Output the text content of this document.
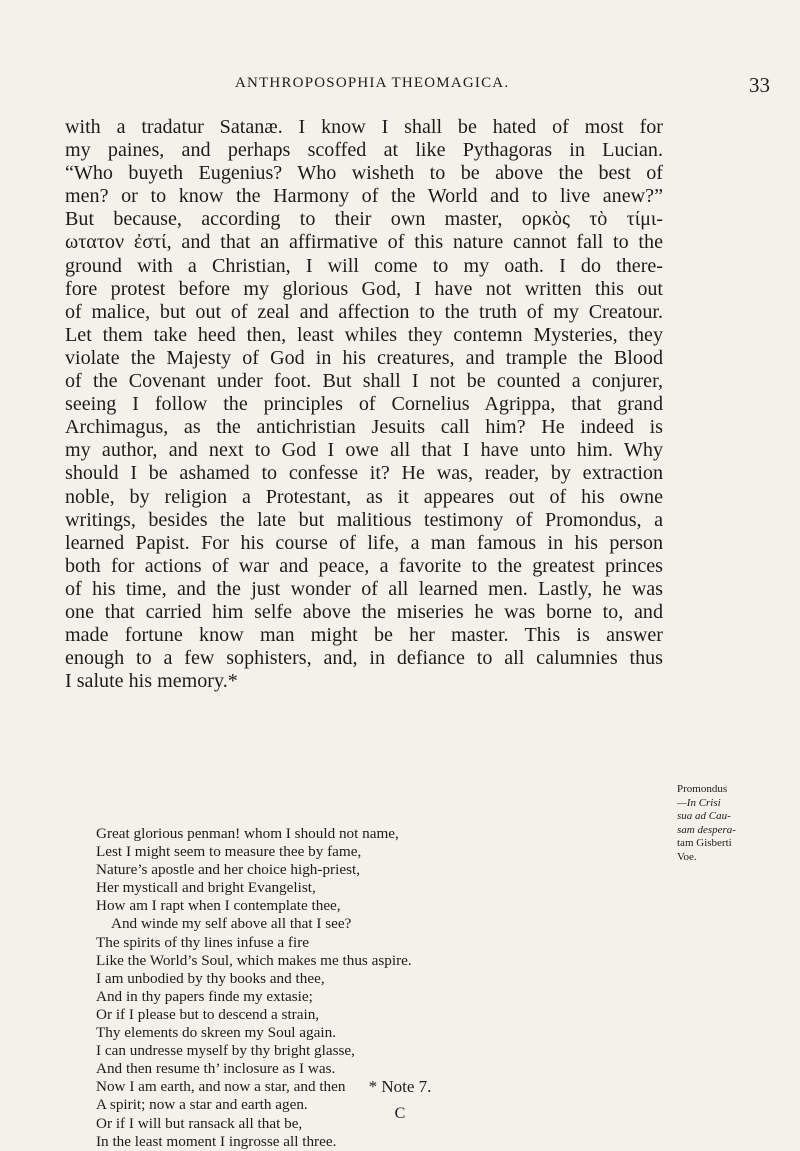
ANTHROPOSOPHIA THEOMAGICA.	33
with a tradatur Satanæ. I know I shall be hated of most for
my paines, and perhaps scoffed at like Pythagoras in Lucian.
“Who buyeth Eugenius? Who wisheth to be above the best of
men? or to know the Harmony of the World and to live anew?”
But because, according to their own master, ορκὸς τὸ τίμι-
ωτατον ἐστί, and that an affirmative of this nature cannot fall to the
ground with a Christian, I will come to my oath. I do there-
fore protest before my glorious God, I have not written this out
of malice, but out of zeal and affection to the truth of my Creatour.
Let them take heed then, least whiles they contemn Mysteries, they
violate the Majesty of God in his creatures, and trample the Blood
of the Covenant under foot. But shall I not be counted a conjurer,
seeing I follow the principles of Cornelius Agrippa, that grand
Archimagus, as the antichristian Jesuits call him? He indeed is
my author, and next to God I owe all that I have unto him. Why
should I be ashamed to confesse it? He was, reader, by extraction
noble, by religion a Protestant, as it appeares out of his owne
writings, besides the late but malitious testimony of Promondus, a
learned Papist. For his course of life, a man famous in his person
both for actions of war and peace, a favorite to the greatest princes
of his time, and the just wonder of all learned men. Lastly, he was
one that carried him selfe above the miseries he was borne to, and
made fortune know man might be her master. This is answer
enough to a few sophisters, and, in defiance to all calumnies thus
I salute his memory.*
Promondus
—In Crisi
sua ad Cau-
sam despera-
tam Gisberti
Voe.
Great glorious penman! whom I should not name,
Lest I might seem to measure thee by fame,
Nature’s apostle and her choice high-priest,
Her mysticall and bright Evangelist,
How am I rapt when I contemplate thee,
And winde my self above all that I see?
The spirits of thy lines infuse a fire
Like the World’s Soul, which makes me thus aspire.
I am unbodied by thy books and thee,
And in thy papers finde my extasie;
Or if I please but to descend a strain,
Thy elements do skreen my Soul again.
I can undresse myself by thy bright glasse,
And then resume th’ inclosure as I was.
Now I am earth, and now a star, and then
A spirit; now a star and earth agen.
Or if I will but ransack all that be,
In the least moment I ingrosse all three.
* Note 7.
C
